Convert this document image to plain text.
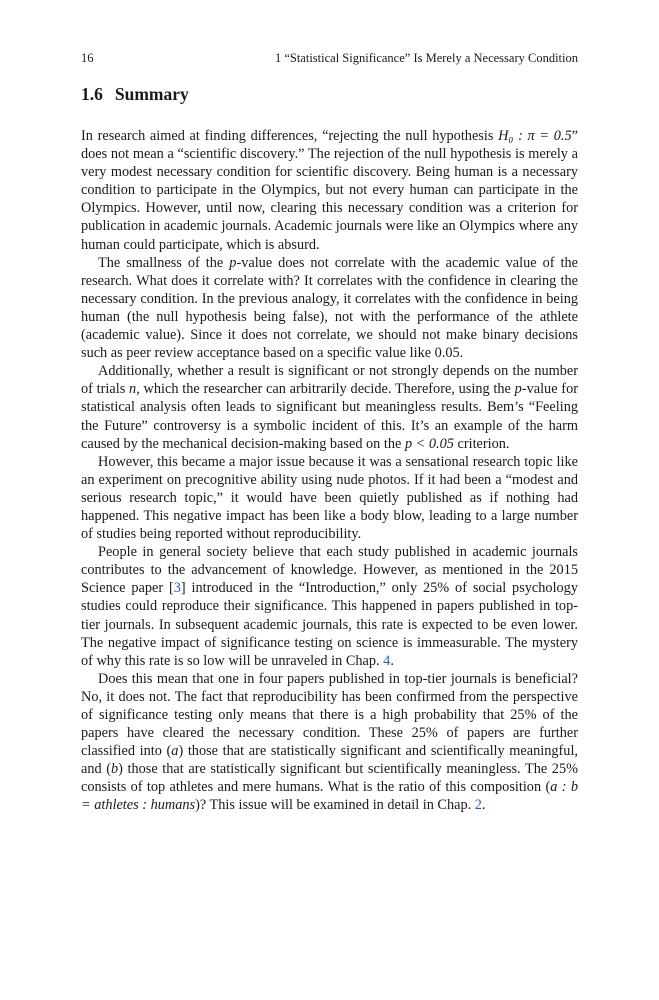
16	1 “Statistical Significance” Is Merely a Necessary Condition
1.6 Summary

In research aimed at finding differences, “rejecting the null hypothesis H₀ : π = 0.5” does not mean a “scientific discovery.” The rejection of the null hypothesis is merely a very modest necessary condition for scientific discovery. Being human is a necessary condition to participate in the Olympics, but not every human can participate in the Olympics. However, until now, clearing this necessary condition was a criterion for publication in academic journals. Academic journals were like an Olympics where any human could participate, which is absurd.

The smallness of the p-value does not correlate with the academic value of the research. What does it correlate with? It correlates with the confidence in clearing the necessary condition. In the previous analogy, it correlates with the confidence in being human (the null hypothesis being false), not with the performance of the athlete (academic value). Since it does not correlate, we should not make binary decisions such as peer review acceptance based on a specific value like 0.05.

Additionally, whether a result is significant or not strongly depends on the number of trials n, which the researcher can arbitrarily decide. Therefore, using the p-value for statistical analysis often leads to significant but meaningless results. Bem’s “Feeling the Future” controversy is a symbolic incident of this. It’s an example of the harm caused by the mechanical decision-making based on the p < 0.05 criterion.

However, this became a major issue because it was a sensational research topic like an experiment on precognitive ability using nude photos. If it had been a “modest and serious research topic,” it would have been quietly published as if nothing had happened. This negative impact has been like a body blow, leading to a large number of studies being reported without reproducibility.

People in general society believe that each study published in academic journals contributes to the advancement of knowledge. However, as mentioned in the 2015 Science paper [3] introduced in the “Introduction,” only 25% of social psychology studies could reproduce their significance. This happened in papers published in top-tier journals. In subsequent academic journals, this rate is expected to be even lower. The negative impact of significance testing on science is immeasurable. The mystery of why this rate is so low will be unraveled in Chap. 4.

Does this mean that one in four papers published in top-tier journals is beneficial? No, it does not. The fact that reproducibility has been confirmed from the perspective of significance testing only means that there is a high probability that 25% of the papers have cleared the necessary condition. These 25% of papers are further classified into (a) those that are statistically significant and scientifically meaningful, and (b) those that are statistically significant but scientifically meaningless. The 25% consists of top athletes and mere humans. What is the ratio of this composition (a : b = athletes : humans)? This issue will be examined in detail in Chap. 2.
